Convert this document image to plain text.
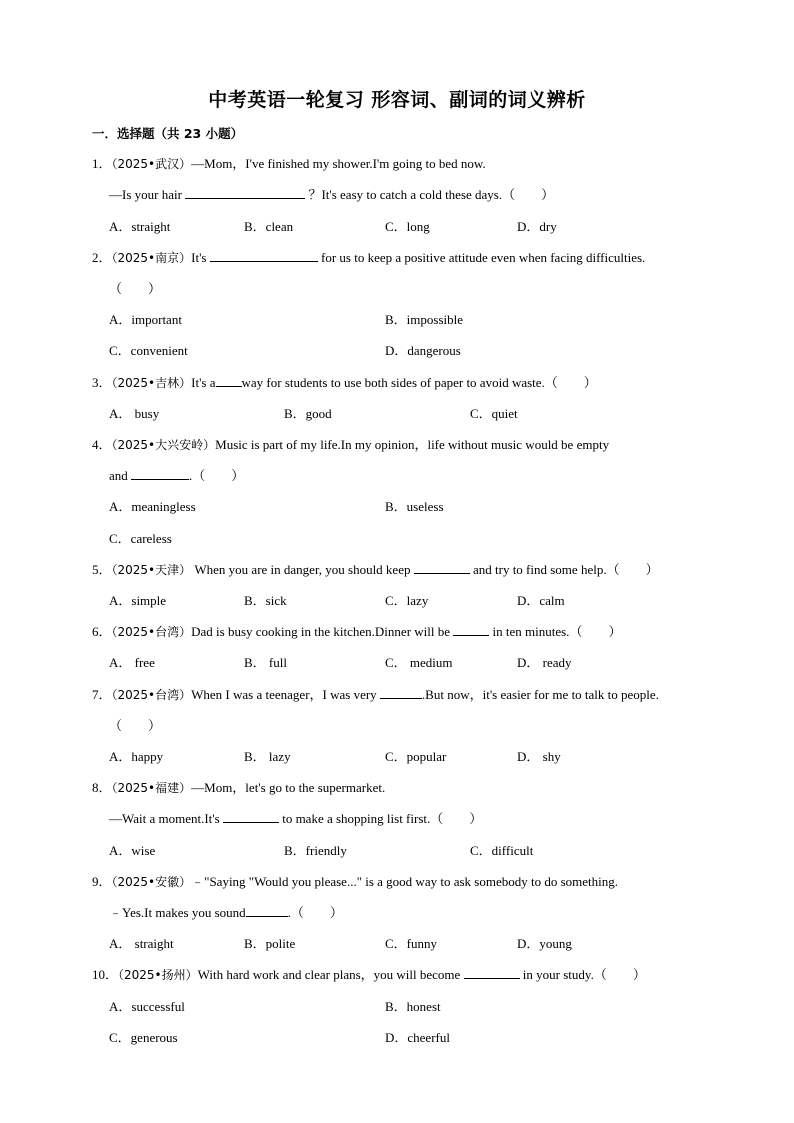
中考英语一轮复习 形容词、副词的词义辨析
一．选择题（共 23 小题）
1．（2025•武汉）—Mom，I've finished my shower.I'm going to bed now.
—Is your hair	？It's easy to catch a cold these days.（　　）
A．straight	B．clean	C．long	D．dry
2．（2025•南京）It's	for us to keep a positive attitude even when facing difficulties.
（　　）
A．important	B．impossible
C．convenient	D．dangerous
3．（2025•吉林）It's a way for students to use both sides of paper to avoid waste.（　　）
A． busy	B．good	C．quiet
4．（2025•大兴安岭）Music is part of my life.In my opinion，life without music would be empty
and	.（　　）
A．meaningless	B．useless
C．careless
5．（2025•天津） When you are in danger, you should keep	and try to find some help.（　　）
A．simple	B．sick	C．lazy	D．calm
6．（2025•台湾）Dad is busy cooking in the kitchen.Dinner will be	in ten minutes.（　　）
A． free	B． full	C． medium	D． ready
7．（2025•台湾）When I was a teenager，I was very	.But now，it's easier for me to talk to people.
（　　）
A．happy	B． lazy	C．popular	D． shy
8．（2025•福建）—Mom，let's go to the supermarket.
—Wait a moment.It's	to make a shopping list first.（　　）
A．wise	B．friendly	C．difficult
9．（2025•安徽）﹣"Saying "Would you please..." is a good way to ask somebody to do something.
﹣Yes.It makes you sound	.（　　）
A． straight	B．polite	C．funny	D．young
10．（2025•扬州）With hard work and clear plans，you will become	in your study.（　　）
A．successful	B．honest
C．generous	D．cheerful
